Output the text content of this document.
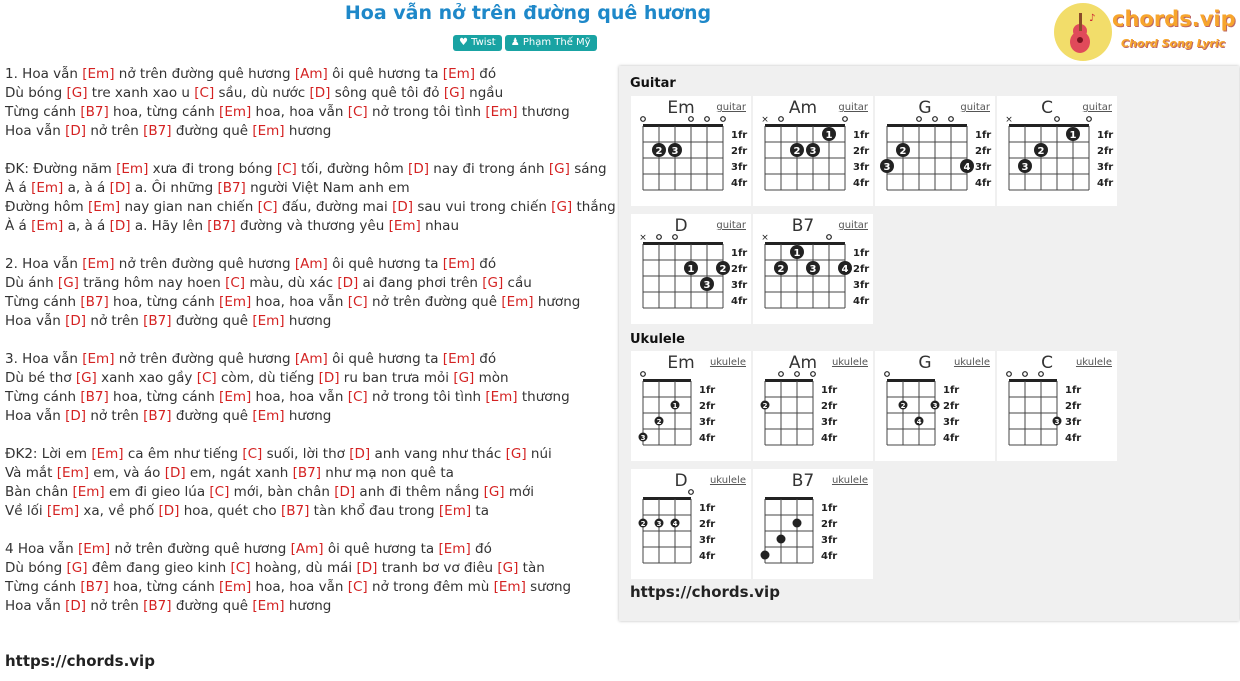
Hoa vẫn nở trên đường quê hương
♥ Twist	♟ Phạm Thế Mỹ
♪ chords.vip
Chord Song Lyric
1. Hoa vẫn [Em] nở trên đường quê hương [Am] ôi quê hương ta [Em] đó
Dù bóng [G] tre xanh xao u [C] sầu, dù nước [D] sông quê tôi đỏ [G] ngầu
Từng cánh [B7] hoa, từng cánh [Em] hoa, hoa vẫn [C] nở trong tôi tình [Em] thương
Hoa vẫn [D] nở trên [B7] đường quê [Em] hương
ĐK: Đường năm [Em] xưa đi trong bóng [C] tối, đường hôm [D] nay đi trong ánh [G] sáng
À á [Em] a, à á [D] a. Ôi những [B7] người Việt Nam anh em
Đường hôm [Em] nay gian nan chiến [C] đấu, đường mai [D] sau vui trong chiến [G] thắng
À á [Em] a, à á [D] a. Hãy lên [B7] đường và thương yêu [Em] nhau
2. Hoa vẫn [Em] nở trên đường quê hương [Am] ôi quê hương ta [Em] đó
Dù ánh [G] trăng hôm nay hoen [C] màu, dù xác [D] ai đang phơi trên [G] cầu
Từng cánh [B7] hoa, từng cánh [Em] hoa, hoa vẫn [C] nở trên đường quê [Em] hương
Hoa vẫn [D] nở trên [B7] đường quê [Em] hương
3. Hoa vẫn [Em] nở trên đường quê hương [Am] ôi quê hương ta [Em] đó
Dù bé thơ [G] xanh xao gầy [C] còm, dù tiếng [D] ru ban trưa mỏi [G] mòn
Từng cánh [B7] hoa, từng cánh [Em] hoa, hoa vẫn [C] nở trong tôi tình [Em] thương
Hoa vẫn [D] nở trên [B7] đường quê [Em] hương
ĐK2: Lời em [Em] ca êm như tiếng [C] suối, lời thơ [D] anh vang như thác [G] núi
Và mắt [Em] em, và áo [D] em, ngát xanh [B7] như mạ non quê ta
Bàn chân [Em] em đi gieo lúa [C] mới, bàn chân [D] anh đi thêm nắng [G] mới
Về lối [Em] xa, về phố [D] hoa, quét cho [B7] tàn khổ đau trong [Em] ta
4 Hoa vẫn [Em] nở trên đường quê hương [Am] ôi quê hương ta [Em] đó
Dù bóng [G] đêm đang gieo kinh [C] hoàng, dù mái [D] tranh bơ vơ điêu [G] tàn
Từng cánh [B7] hoa, từng cánh [Em] hoa, hoa vẫn [C] nở trong đêm mù [Em] sương
Hoa vẫn [D] nở trên [B7] đường quê [Em] hương
https://chords.vip
Guitar
Ukulele
https://chords.vip
1fr
2fr
3fr
4fr
2 3
Em	guitar
×
1fr
2fr
3fr
4fr
2 3
1
Am	guitar
1fr
2fr
3fr
4fr
3
2
4
G	guitar
×
1fr
2fr
3fr
4fr
3
2
1
C	guitar
×
1fr
2fr
3fr
4fr
1
3
2
D	guitar
×
1fr
2fr
3fr
4fr
2
1
3	4
B7	guitar
1fr
2fr
3fr
4fr
3
2
1
Em	ukulele
1fr
2fr
3fr
4fr
2
Am	ukulele
1fr
2fr
3fr
4fr
2
4
3
G	ukulele
1fr
2fr
3fr
4fr
3
C	ukulele
1fr
2fr
3fr
4fr
2 3 4
D	ukulele
1fr
2fr
3fr
4fr
B7	ukulele
